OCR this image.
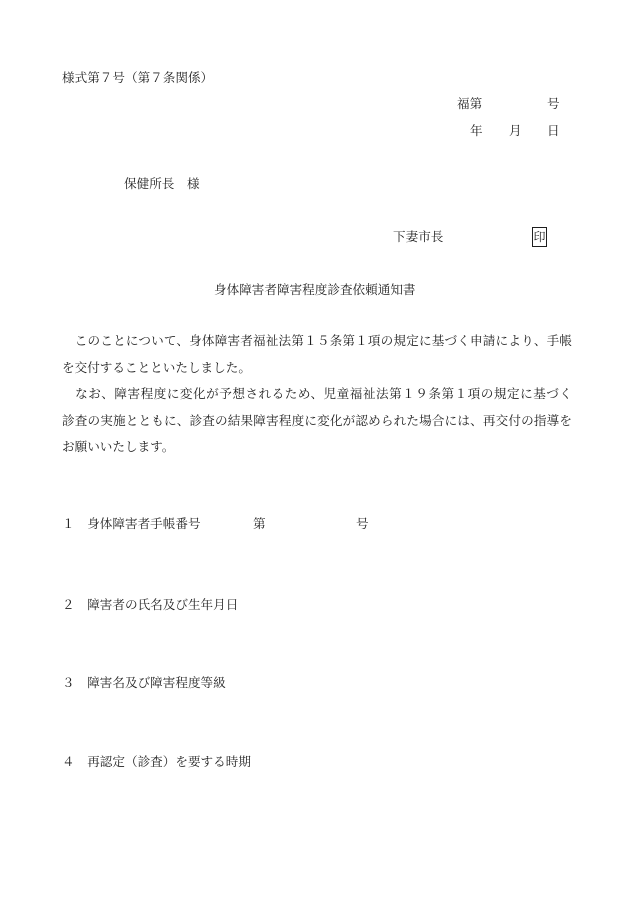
様式第７号（第７条関係）
福第	号
年 月 日
保健所長　様
下妻市長	印
身体障害者障害程度診査依頼通知書
　このことについて、身体障害者福祉法第１５条第１項の規定に基づく申請により、手帳
を交付することといたしました。
　なお、障害程度に変化が予想されるため、児童福祉法第１９条第１項の規定に基づく
診査の実施とともに、診査の結果障害程度に変化が認められた場合には、再交付の指導を
お願いいたします。
１　身体障害者手帳番号	第	号
２　障害者の氏名及び生年月日
３　障害名及び障害程度等級
４　再認定（診査）を要する時期
